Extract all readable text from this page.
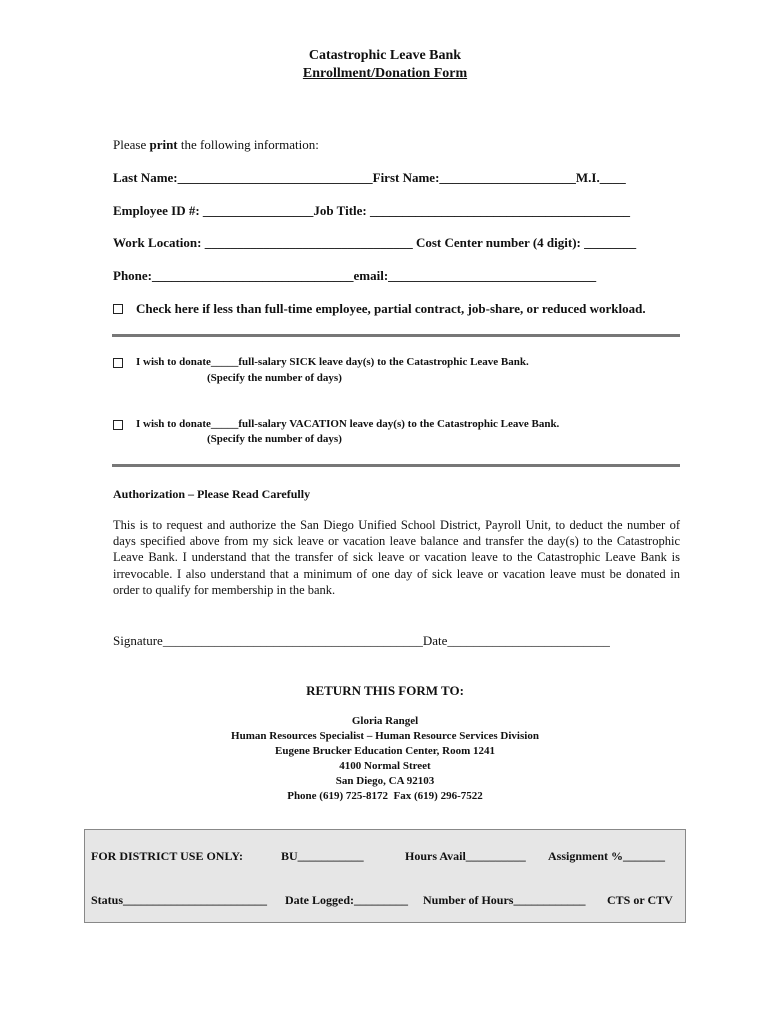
Catastrophic Leave Bank
Enrollment/Donation Form
Please print the following information:
Last Name:______________________________First Name:_____________________M.I.____
Employee ID #: _________________Job Title: ________________________________________
Work Location: ________________________________ Cost Center number (4 digit): ________
Phone:_______________________________email:________________________________
Check here if less than full-time employee, partial contract, job-share, or reduced workload.
I wish to donate_____full-salary SICK leave day(s) to the Catastrophic Leave Bank.
(Specify the number of days)
I wish to donate_____full-salary VACATION leave day(s) to the Catastrophic Leave Bank.
(Specify the number of days)
Authorization – Please Read Carefully
This is to request and authorize the San Diego Unified School District, Payroll Unit, to deduct the number of days specified above from my sick leave or vacation leave balance and transfer the day(s) to the Catastrophic Leave Bank. I understand that the transfer of sick leave or vacation leave to the Catastrophic Leave Bank is irrevocable. I also understand that a minimum of one day of sick leave or vacation leave must be donated in order to qualify for membership in the bank.
Signature________________________________________Date_________________________
RETURN THIS FORM TO:
Gloria Rangel
Human Resources Specialist – Human Resource Services Division
Eugene Brucker Education Center, Room 1241
4100 Normal Street
San Diego, CA 92103
Phone (619) 725-8172  Fax (619) 296-7522
FOR DISTRICT USE ONLY:	BU___________	Hours Avail__________ Assignment %_______
Status________________________ Date Logged:_________ Number of Hours____________ CTS or CTV
